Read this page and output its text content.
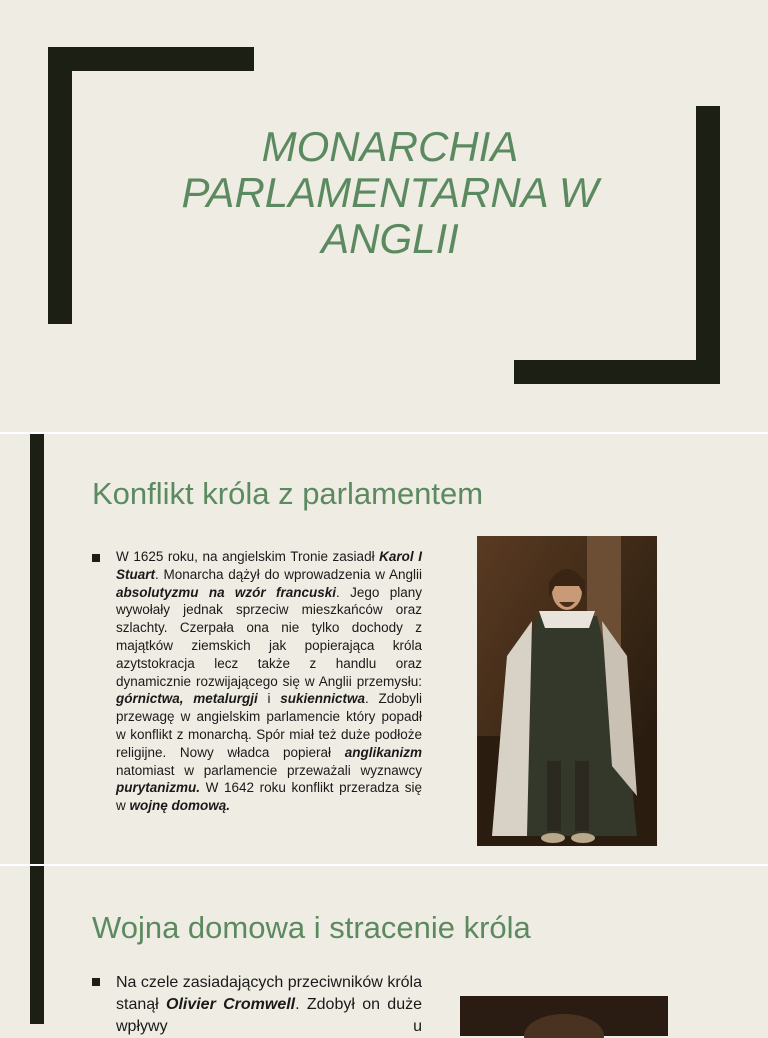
MONARCHIA PARLAMENTARNA W ANGLII
Konflikt króla z parlamentem

W 1625 roku, na angielskim Tronie zasiadł Karol I Stuart. Monarcha dążył do wprowadzenia w Anglii absolutyzmu na wzór francuski. Jego plany wywołały jednak sprzeciw mieszkańców oraz szlachty. Czerpała ona nie tylko dochody z majątków ziemskich jak popierająca króla azytstokracja lecz także z handlu oraz dynamicznie rozwijającego się w Anglii przemysłu: górnictwa, metalurgji i sukiennictwa. Zdobyli przewagę w angielskim parlamencie który popadł w konflikt z monarchą. Spór miał też duże podłoże religijne. Nowy władca popierał anglikanizm natomiast w parlamencie przeważali wyznawcy purytanizmu. W 1642 roku konflikt przeradza się w wojnę domową.

Wojna domowa i stracenie króla

Na czele zasiadających przeciwników króla stanął Olivier Cromwell. Zdobył on duże wpływy u
